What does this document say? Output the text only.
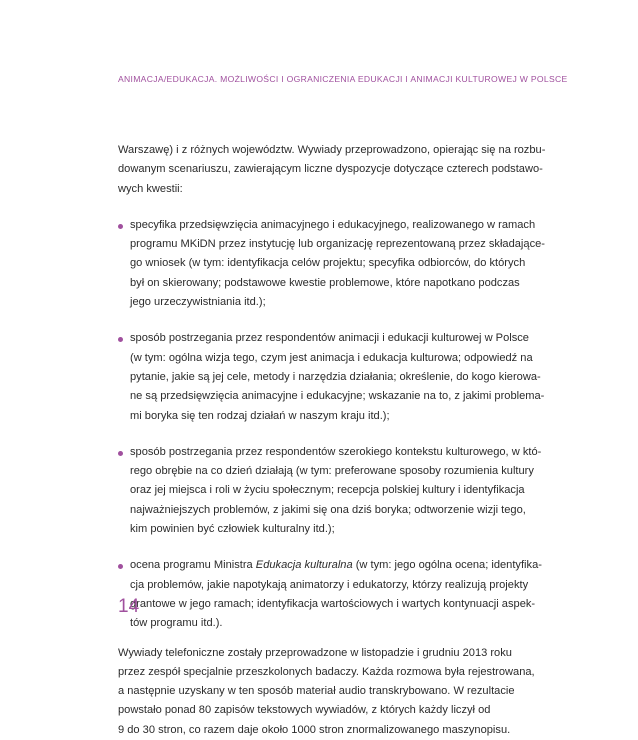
ANIMACJA/EDUKACJA. MOŻLIWOŚCI I OGRANICZENIA EDUKACJI I ANIMACJI KULTUROWEJ W POLSCE
Warszawę) i z różnych województw. Wywiady przeprowadzono, opierając się na rozbu-
dowanym scenariuszu, zawierającym liczne dyspozycje dotyczące czterech podstawo-
wych kwestii:
specyfika przedsięwzięcia animacyjnego i edukacyjnego, realizowanego w ramach
programu MKiDN przez instytucję lub organizację reprezentowaną przez składające-
go wniosek (w tym: identyfikacja celów projektu; specyfika odbiorców, do których
był on skierowany; podstawowe kwestie problemowe, które napotkano podczas
jego urzeczywistniania itd.);
sposób postrzegania przez respondentów animacji i edukacji kulturowej w Polsce
(w tym: ogólna wizja tego, czym jest animacja i edukacja kulturowa; odpowiedź na
pytanie, jakie są jej cele, metody i narzędzia działania; określenie, do kogo kierowa-
ne są przedsięwzięcia animacyjne i edukacyjne; wskazanie na to, z jakimi problema-
mi boryka się ten rodzaj działań w naszym kraju itd.);
sposób postrzegania przez respondentów szerokiego kontekstu kulturowego, w któ-
rego obrębie na co dzień działają (w tym: preferowane sposoby rozumienia kultury
oraz jej miejsca i roli w życiu społecznym; recepcja polskiej kultury i identyfikacja
najważniejszych problemów, z jakimi się ona dziś boryka; odtworzenie wizji tego,
kim powinien być człowiek kulturalny itd.);
ocena programu Ministra Edukacja kulturalna (w tym: jego ogólna ocena; identyfika-
cja problemów, jakie napotykają animatorzy i edukatorzy, którzy realizują projekty
grantowe w jego ramach; identyfikacja wartościowych i wartych kontynuacji aspek-
tów programu itd.).
Wywiady telefoniczne zostały przeprowadzone w listopadzie i grudniu 2013 roku
przez zespół specjalnie przeszkolonych badaczy. Każda rozmowa była rejestrowana,
a następnie uzyskany w ten sposób materiał audio transkrybowano. W rezultacie
powstało ponad 80 zapisów tekstowych wywiadów, z których każdy liczył od
9 do 30 stron, co razem daje około 1000 stron znormalizowanego maszynopisu.
14
